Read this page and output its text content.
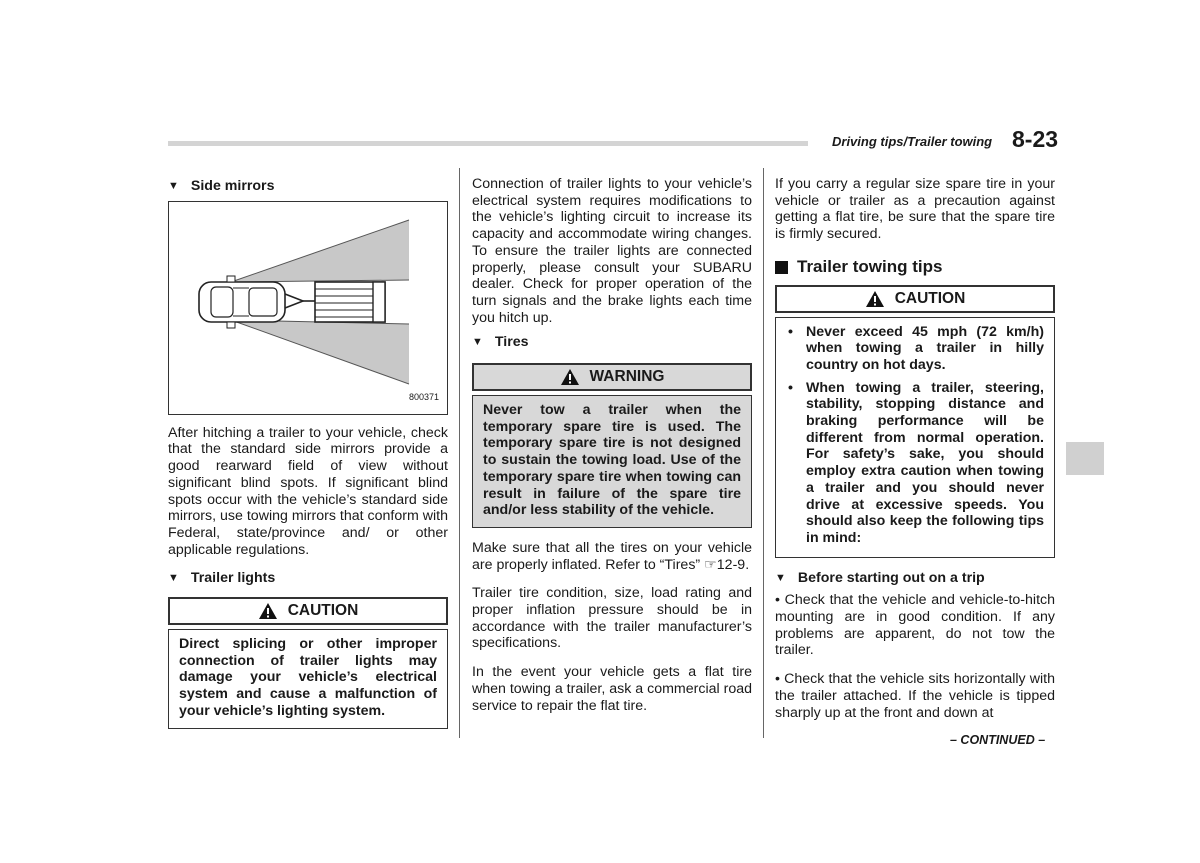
Driving tips/Trailer towing 8-23
▼ Side mirrors
800371

After hitching a trailer to your vehicle, check that the standard side mirrors provide a good rearward field of view without significant blind spots. If significant blind spots occur with the vehicle’s standard side mirrors, use towing mirrors that conform with Federal, state/province and/ or other applicable regulations.

▼ Trailer lights
CAUTION
Direct splicing or other improper connection of trailer lights may damage your vehicle’s electrical system and cause a malfunction of your vehicle’s lighting system.

Connection of trailer lights to your vehicle’s electrical system requires modifications to the vehicle’s lighting circuit to increase its capacity and accommodate wiring changes. To ensure the trailer lights are connected properly, please consult your SUBARU dealer. Check for proper operation of the turn signals and the brake lights each time you hitch up.

▼ Tires
WARNING
Never tow a trailer when the temporary spare tire is used. The temporary spare tire is not designed to sustain the towing load. Use of the temporary spare tire when towing can result in failure of the spare tire and/or less stability of the vehicle.

Make sure that all the tires on your vehicle are properly inflated. Refer to “Tires” ☞12-9.

Trailer tire condition, size, load rating and proper inflation pressure should be in accordance with the trailer manufacturer’s specifications.

In the event your vehicle gets a flat tire when towing a trailer, ask a commercial road service to repair the flat tire.

If you carry a regular size spare tire in your vehicle or trailer as a precaution against getting a flat tire, be sure that the spare tire is firmly secured.

Trailer towing tips
CAUTION
• Never exceed 45 mph (72 km/h) when towing a trailer in hilly country on hot days.
• When towing a trailer, steering, stability, stopping distance and braking performance will be different from normal operation. For safety’s sake, you should employ extra caution when towing a trailer and you should never drive at excessive speeds. You should also keep the following tips in mind:
▼ Before starting out on a trip

• Check that the vehicle and vehicle-to-hitch mounting are in good condition. If any problems are apparent, do not tow the trailer.

• Check that the vehicle sits horizontally with the trailer attached. If the vehicle is tipped sharply up at the front and down at

– CONTINUED –
